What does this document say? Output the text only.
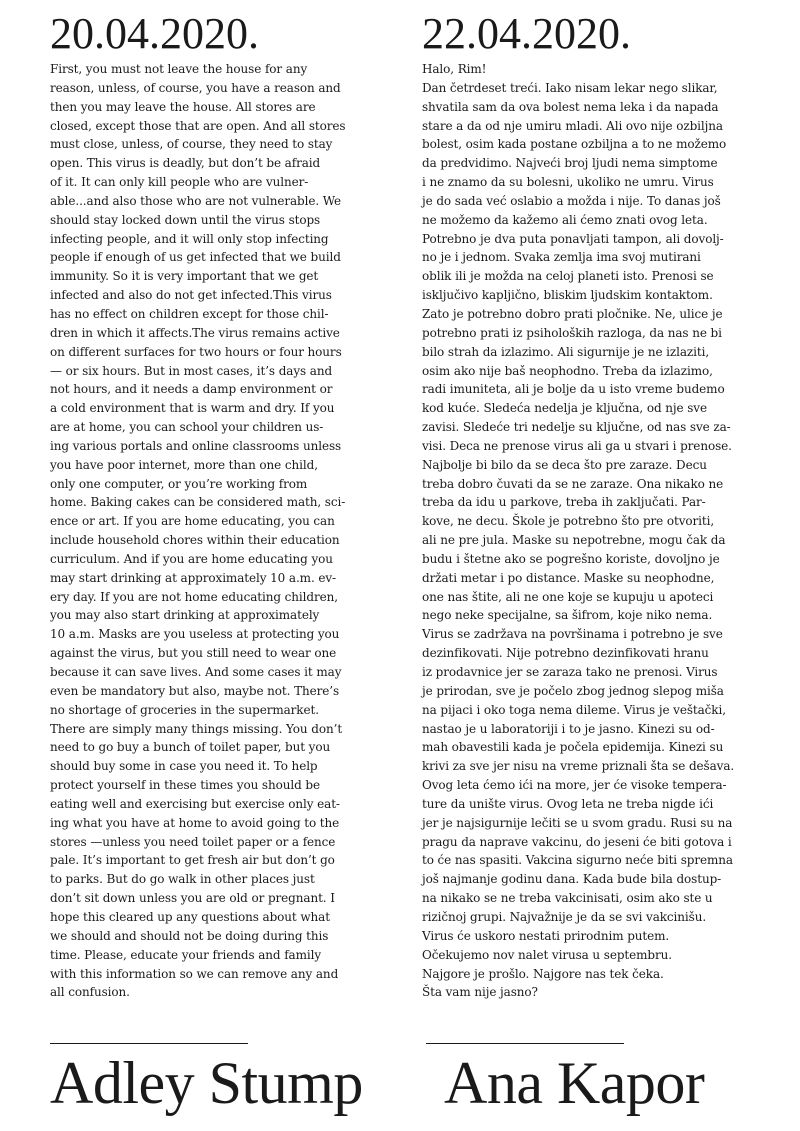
20.04.2020.
First, you must not leave the house for any
reason, unless, of course, you have a reason and
then you may leave the house. All stores are
closed, except those that are open. And all stores
must close, unless, of course, they need to stay
open. This virus is deadly, but don’t be afraid
of it. It can only kill people who are vulner-
able...and also those who are not vulnerable. We
should stay locked down until the virus stops
infecting people, and it will only stop infecting
people if enough of us get infected that we build
immunity. So it is very important that we get
infected and also do not get infected.This virus
has no effect on children except for those chil-
dren in which it affects.The virus remains active
on different surfaces for two hours or four hours
— or six hours. But in most cases, it’s days and
not hours, and it needs a damp environment or
a cold environment that is warm and dry. If you
are at home, you can school your children us-
ing various portals and online classrooms unless
you have poor internet, more than one child,
only one computer, or you’re working from
home. Baking cakes can be considered math, sci-
ence or art. If you are home educating, you can
include household chores within their education
curriculum. And if you are home educating you
may start drinking at approximately 10 a.m. ev-
ery day. If you are not home educating children,
you may also start drinking at approximately
10 a.m. Masks are you useless at protecting you
against the virus, but you still need to wear one
because it can save lives. And some cases it may
even be mandatory but also, maybe not. There’s
no shortage of groceries in the supermarket.
There are simply many things missing. You don’t
need to go buy a bunch of toilet paper, but you
should buy some in case you need it. To help
protect yourself in these times you should be
eating well and exercising but exercise only eat-
ing what you have at home to avoid going to the
stores —unless you need toilet paper or a fence
pale. It’s important to get fresh air but don’t go
to parks. But do go walk in other places just
don’t sit down unless you are old or pregnant. I
hope this cleared up any questions about what
we should and should not be doing during this
time. Please, educate your friends and family
with this information so we can remove any and
all confusion.
Adley Stump
22.04.2020.
Halo, Rim!
Dan četrdeset treći. Iako nisam lekar nego slikar,
shvatila sam da ova bolest nema leka i da napada
stare a da od nje umiru mladi. Ali ovo nije ozbiljna
bolest, osim kada postane ozbiljna a to ne možemo
da predvidimo. Najveći broj ljudi nema simptome
i ne znamo da su bolesni, ukoliko ne umru. Virus
je do sada već oslabio a možda i nije. To danas još
ne možemo da kažemo ali ćemo znati ovog leta.
Potrebno je dva puta ponavljati tampon, ali dovolj-
no je i jednom. Svaka zemlja ima svoj mutirani
oblik ili je možda na celoj planeti isto. Prenosi se
isključivo kapljično, bliskim ljudskim kontaktom.
Zato je potrebno dobro prati pločnike. Ne, ulice je
potrebno prati iz psiholoških razloga, da nas ne bi
bilo strah da izlazimo. Ali sigurnije je ne izlaziti,
osim ako nije baš neophodno. Treba da izlazimo,
radi imuniteta, ali je bolje da u isto vreme budemo
kod kuće. Sledeća nedelja je ključna, od nje sve
zavisi. Sledeće tri nedelje su ključne, od nas sve za-
visi. Deca ne prenose virus ali ga u stvari i prenose.
Najbolje bi bilo da se deca što pre zaraze. Decu
treba dobro čuvati da se ne zaraze. Ona nikako ne
treba da idu u parkove, treba ih zaključati. Par-
kove, ne decu. Škole je potrebno što pre otvoriti,
ali ne pre jula. Maske su nepotrebne, mogu čak da
budu i štetne ako se pogrešno koriste, dovoljno je
držati metar i po distance. Maske su neophodne,
one nas štite, ali ne one koje se kupuju u apoteci
nego neke specijalne, sa šifrom, koje niko nema.
Virus se zadržava na površinama i potrebno je sve
dezinfikovati. Nije potrebno dezinfikovati hranu
iz prodavnice jer se zaraza tako ne prenosi. Virus
je prirodan, sve je počelo zbog jednog slepog miša
na pijaci i oko toga nema dileme. Virus je veštački,
nastao je u laboratoriji i to je jasno. Kinezi su od-
mah obavestili kada je počela epidemija. Kinezi su
krivi za sve jer nisu na vreme priznali šta se dešava.
Ovog leta ćemo ići na more, jer će visoke tempera-
ture da unište virus. Ovog leta ne treba nigde ići
jer je najsigurnije lečiti se u svom gradu. Rusi su na
pragu da naprave vakcinu, do jeseni će biti gotova i
to će nas spasiti. Vakcina sigurno neće biti spremna
još najmanje godinu dana. Kada bude bila dostup-
na nikako se ne treba vakcinisati, osim ako ste u
rizičnoj grupi. Najvažnije je da se svi vakcinišu.
Virus će uskoro nestati prirodnim putem.
Očekujemo nov nalet virusa u septembru.
Najgore je prošlo. Najgore nas tek čeka.
Šta vam nije jasno?
Ana Kapor
